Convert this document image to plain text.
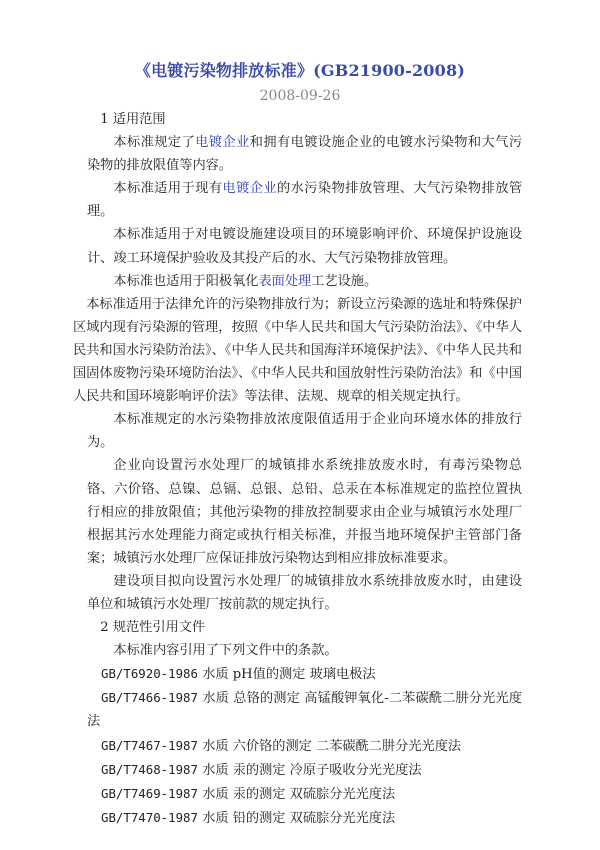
《电镀污染物排放标准》(GB21900-2008)
2008-09-26

1 适用范围

本标准规定了电镀企业和拥有电镀设施企业的电镀水污染物和大气污染物的排放限值等内容。

本标准适用于现有电镀企业的水污染物排放管理、大气污染物排放管理。

本标准适用于对电镀设施建设项目的环境影响评价、环境保护设施设计、竣工环境保护验收及其投产后的水、大气污染物排放管理。

本标准也适用于阳极氧化表面处理工艺设施。

本标准适用于法律允许的污染物排放行为；新设立污染源的选址和特殊保护区域内现有污染源的管理，按照《中华人民共和国大气污染防治法》、《中华人民共和国水污染防治法》、《中华人民共和国海洋环境保护法》、《中华人民共和国固体废物污染环境防治法》、《中华人民共和国放射性污染防治法》和《中国人民共和国环境影响评价法》等法律、法规、规章的相关规定执行。

本标准规定的水污染物排放浓度限值适用于企业向环境水体的排放行为。

企业向设置污水处理厂的城镇排水系统排放废水时，有毒污染物总铬、六价铬、总镍、总镉、总银、总铅、总汞在本标准规定的监控位置执行相应的排放限值；其他污染物的排放控制要求由企业与城镇污水处理厂根据其污水处理能力商定或执行相关标准，并报当地环境保护主管部门备案；城镇污水处理厂应保证排放污染物达到相应排放标准要求。

建设项目拟向设置污水处理厂的城镇排放水系统排放废水时，由建设单位和城镇污水处理厂按前款的规定执行。

2 规范性引用文件

本标准内容引用了下列文件中的条款。

GB/T6920-1986 水质 pH值的测定 玻璃电极法

GB/T7466-1987 水质 总铬的测定 高锰酸钾氧化-二苯碳酰二肼分光光度法

GB/T7467-1987 水质 六价铬的测定 二苯碳酰二肼分光光度法

GB/T7468-1987 水质 汞的测定 冷原子吸收分光光度法

GB/T7469-1987 水质 汞的测定 双硫腙分光光度法

GB/T7470-1987 水质 铅的测定 双硫腙分光光度法
